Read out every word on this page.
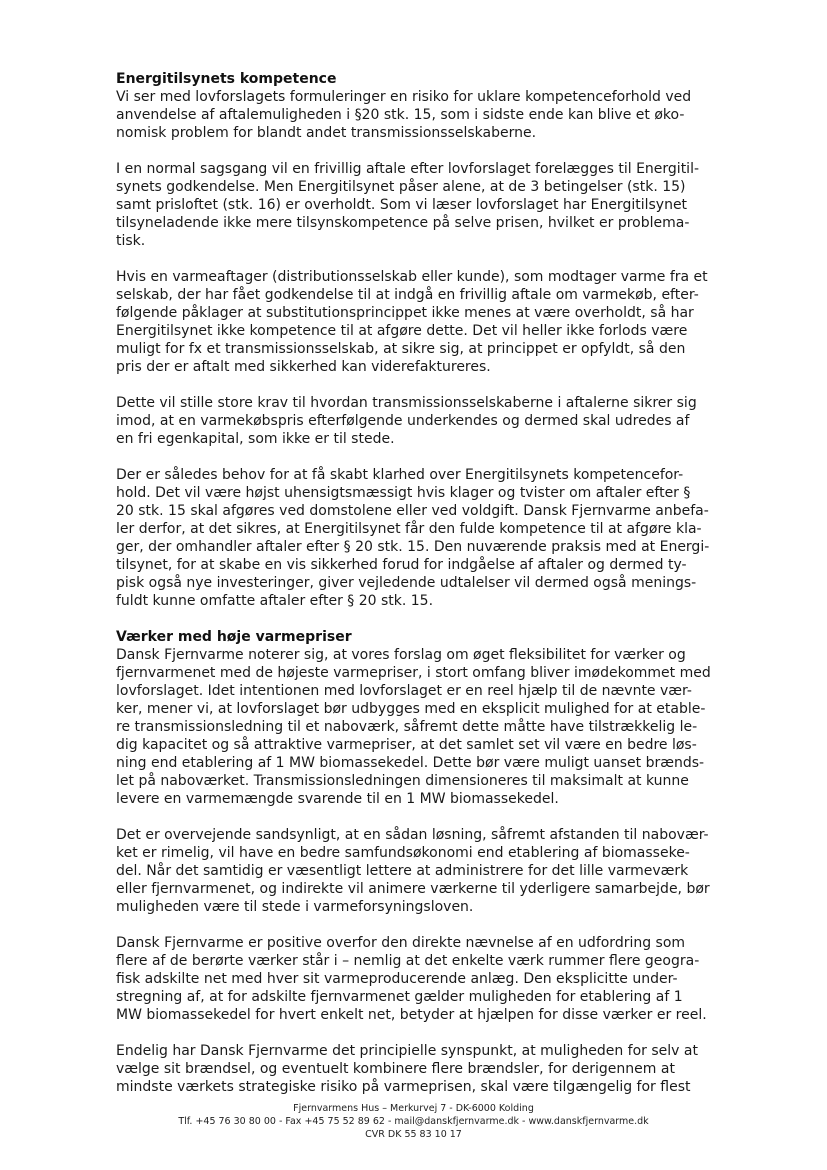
Energitilsynets kompetence

Vi ser med lovforslagets formuleringer en risiko for uklare kompetenceforhold ved
anvendelse af aftalemuligheden i §20 stk. 15, som i sidste ende kan blive et øko-
nomisk problem for blandt andet transmissionsselskaberne.

I en normal sagsgang vil en frivillig aftale efter lovforslaget forelægges til Energitil-
synets godkendelse. Men Energitilsynet påser alene, at de 3 betingelser (stk. 15)
samt prisloftet (stk. 16) er overholdt. Som vi læser lovforslaget har Energitilsynet
tilsyneladende ikke mere tilsynskompetence på selve prisen, hvilket er problema-
tisk.

Hvis en varmeaftager (distributionsselskab eller kunde), som modtager varme fra et
selskab, der har fået godkendelse til at indgå en frivillig aftale om varmekøb, efter-
følgende påklager at substitutionsprincippet ikke menes at være overholdt, så har
Energitilsynet ikke kompetence til at afgøre dette. Det vil heller ikke forlods være
muligt for fx et transmissionsselskab, at sikre sig, at princippet er opfyldt, så den
pris der er aftalt med sikkerhed kan viderefaktureres.

Dette vil stille store krav til hvordan transmissionsselskaberne i aftalerne sikrer sig
imod, at en varmekøbspris efterfølgende underkendes og dermed skal udredes af
en fri egenkapital, som ikke er til stede.

Der er således behov for at få skabt klarhed over Energitilsynets kompetencefor-
hold. Det vil være højst uhensigtsmæssigt hvis klager og tvister om aftaler efter §
20 stk. 15 skal afgøres ved domstolene eller ved voldgift. Dansk Fjernvarme anbefa-
ler derfor, at det sikres, at Energitilsynet får den fulde kompetence til at afgøre kla-
ger, der omhandler aftaler efter § 20 stk. 15. Den nuværende praksis med at Energi-
tilsynet, for at skabe en vis sikkerhed forud for indgåelse af aftaler og dermed ty-
pisk også nye investeringer, giver vejledende udtalelser vil dermed også menings-
fuldt kunne omfatte aftaler efter § 20 stk. 15.

Værker med høje varmepriser

Dansk Fjernvarme noterer sig, at vores forslag om øget fleksibilitet for værker og
fjernvarmenet med de højeste varmepriser, i stort omfang bliver imødekommet med
lovforslaget. Idet intentionen med lovforslaget er en reel hjælp til de nævnte vær-
ker, mener vi, at lovforslaget bør udbygges med en eksplicit mulighed for at etable-
re transmissionsledning til et naboværk, såfremt dette måtte have tilstrækkelig le-
dig kapacitet og så attraktive varmepriser, at det samlet set vil være en bedre løs-
ning end etablering af 1 MW biomassekedel. Dette bør være muligt uanset brænds-
let på naboværket. Transmissionsledningen dimensioneres til maksimalt at kunne
levere en varmemængde svarende til en 1 MW biomassekedel.

Det er overvejende sandsynligt, at en sådan løsning, såfremt afstanden til nabovær-
ket er rimelig, vil have en bedre samfundsøkonomi end etablering af biomasseke-
del. Når det samtidig er væsentligt lettere at administrere for det lille varmeværk
eller fjernvarmenet, og indirekte vil animere værkerne til yderligere samarbejde, bør
muligheden være til stede i varmeforsyningsloven.

Dansk Fjernvarme er positive overfor den direkte nævnelse af en udfordring som
flere af de berørte værker står i – nemlig at det enkelte værk rummer flere geogra-
fisk adskilte net med hver sit varmeproducerende anlæg. Den eksplicitte under-
stregning af, at for adskilte fjernvarmenet gælder muligheden for etablering af 1
MW biomassekedel for hvert enkelt net, betyder at hjælpen for disse værker er reel.

Endelig har Dansk Fjernvarme det principielle synspunkt, at muligheden for selv at
vælge sit brændsel, og eventuelt kombinere flere brændsler, for derigennem at
mindste værkets strategiske risiko på varmeprisen, skal være tilgængelig for flest

Fjernvarmens Hus – Merkurvej 7 - DK-6000 Kolding
Tlf. +45 76 30 80 00 - Fax +45 75 52 89 62 - mail@danskfjernvarme.dk - www.danskfjernvarme.dk
CVR DK 55 83 10 17
